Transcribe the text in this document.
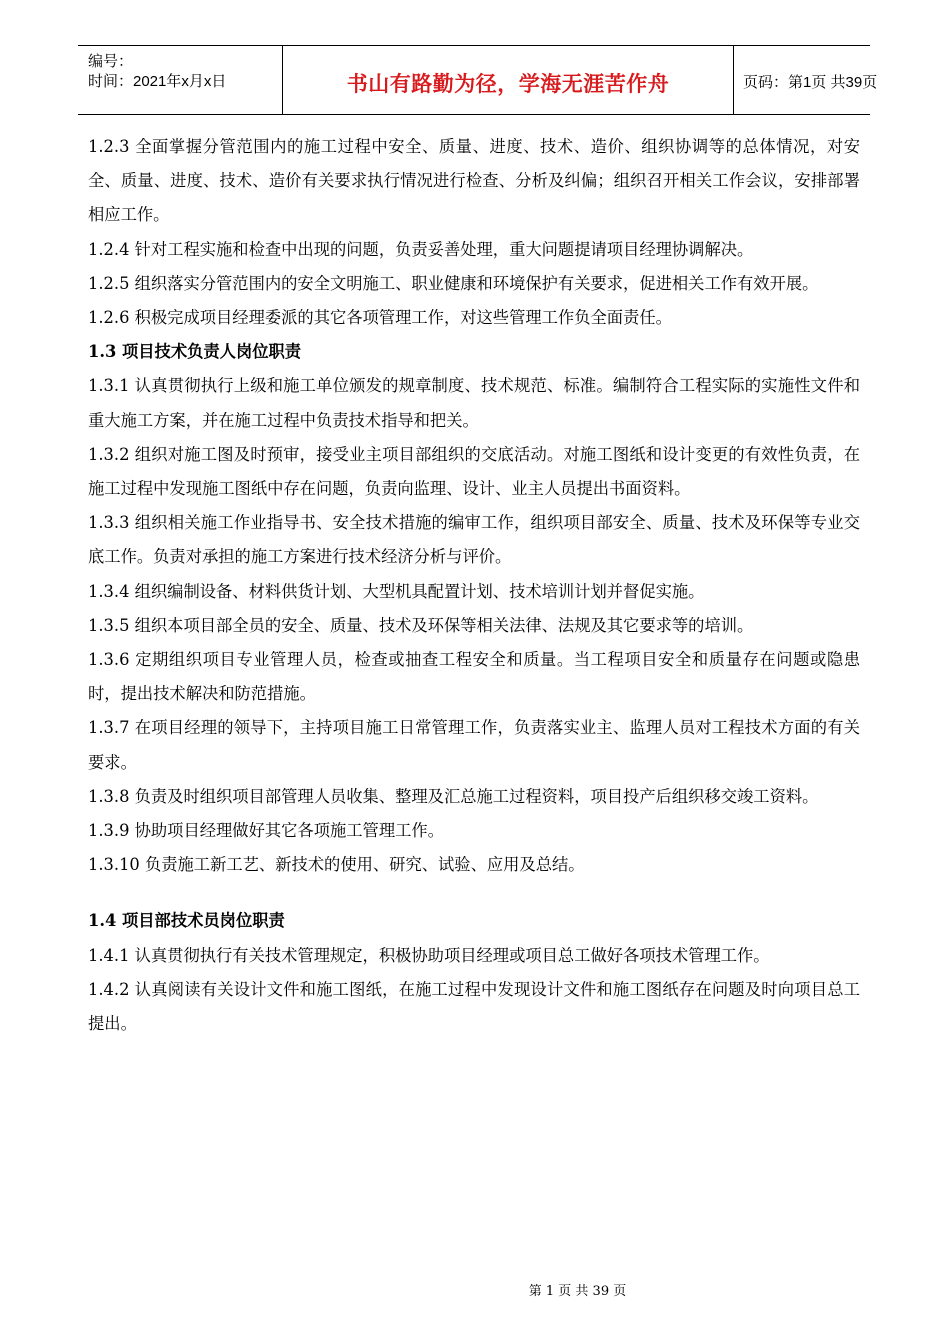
编号：
时间：2021年x月x日	书山有路勤为径，学海无涯苦作舟	页码：第1页 共39页

1.2.3 全面掌握分管范围内的施工过程中安全、质量、进度、技术、造价、组织协调等的总体情况，对安全、质量、进度、技术、造价有关要求执行情况进行检查、分析及纠偏；组织召开相关工作会议，安排部署相应工作。

1.2.4 针对工程实施和检查中出现的问题，负责妥善处理，重大问题提请项目经理协调解决。

1.2.5 组织落实分管范围内的安全文明施工、职业健康和环境保护有关要求，促进相关工作有效开展。

1.2.6 积极完成项目经理委派的其它各项管理工作，对这些管理工作负全面责任。

1.3 项目技术负责人岗位职责

1.3.1 认真贯彻执行上级和施工单位颁发的规章制度、技术规范、标准。编制符合工程实际的实施性文件和重大施工方案，并在施工过程中负责技术指导和把关。

1.3.2 组织对施工图及时预审，接受业主项目部组织的交底活动。对施工图纸和设计变更的有效性负责，在施工过程中发现施工图纸中存在问题，负责向监理、设计、业主人员提出书面资料。

1.3.3 组织相关施工作业指导书、安全技术措施的编审工作，组织项目部安全、质量、技术及环保等专业交底工作。负责对承担的施工方案进行技术经济分析与评价。

1.3.4 组织编制设备、材料供货计划、大型机具配置计划、技术培训计划并督促实施。

1.3.5 组织本项目部全员的安全、质量、技术及环保等相关法律、法规及其它要求等的培训。

1.3.6 定期组织项目专业管理人员，检查或抽查工程安全和质量。当工程项目安全和质量存在问题或隐患时，提出技术解决和防范措施。

1.3.7 在项目经理的领导下，主持项目施工日常管理工作，负责落实业主、监理人员对工程技术方面的有关要求。

1.3.8 负责及时组织项目部管理人员收集、整理及汇总施工过程资料，项目投产后组织移交竣工资料。

1.3.9 协助项目经理做好其它各项施工管理工作。

1.3.10 负责施工新工艺、新技术的使用、研究、试验、应用及总结。

1.4 项目部技术员岗位职责

1.4.1 认真贯彻执行有关技术管理规定，积极协助项目经理或项目总工做好各项技术管理工作。

1.4.2 认真阅读有关设计文件和施工图纸，在施工过程中发现设计文件和施工图纸存在问题及时向项目总工提出。

第 1 页 共 39 页
